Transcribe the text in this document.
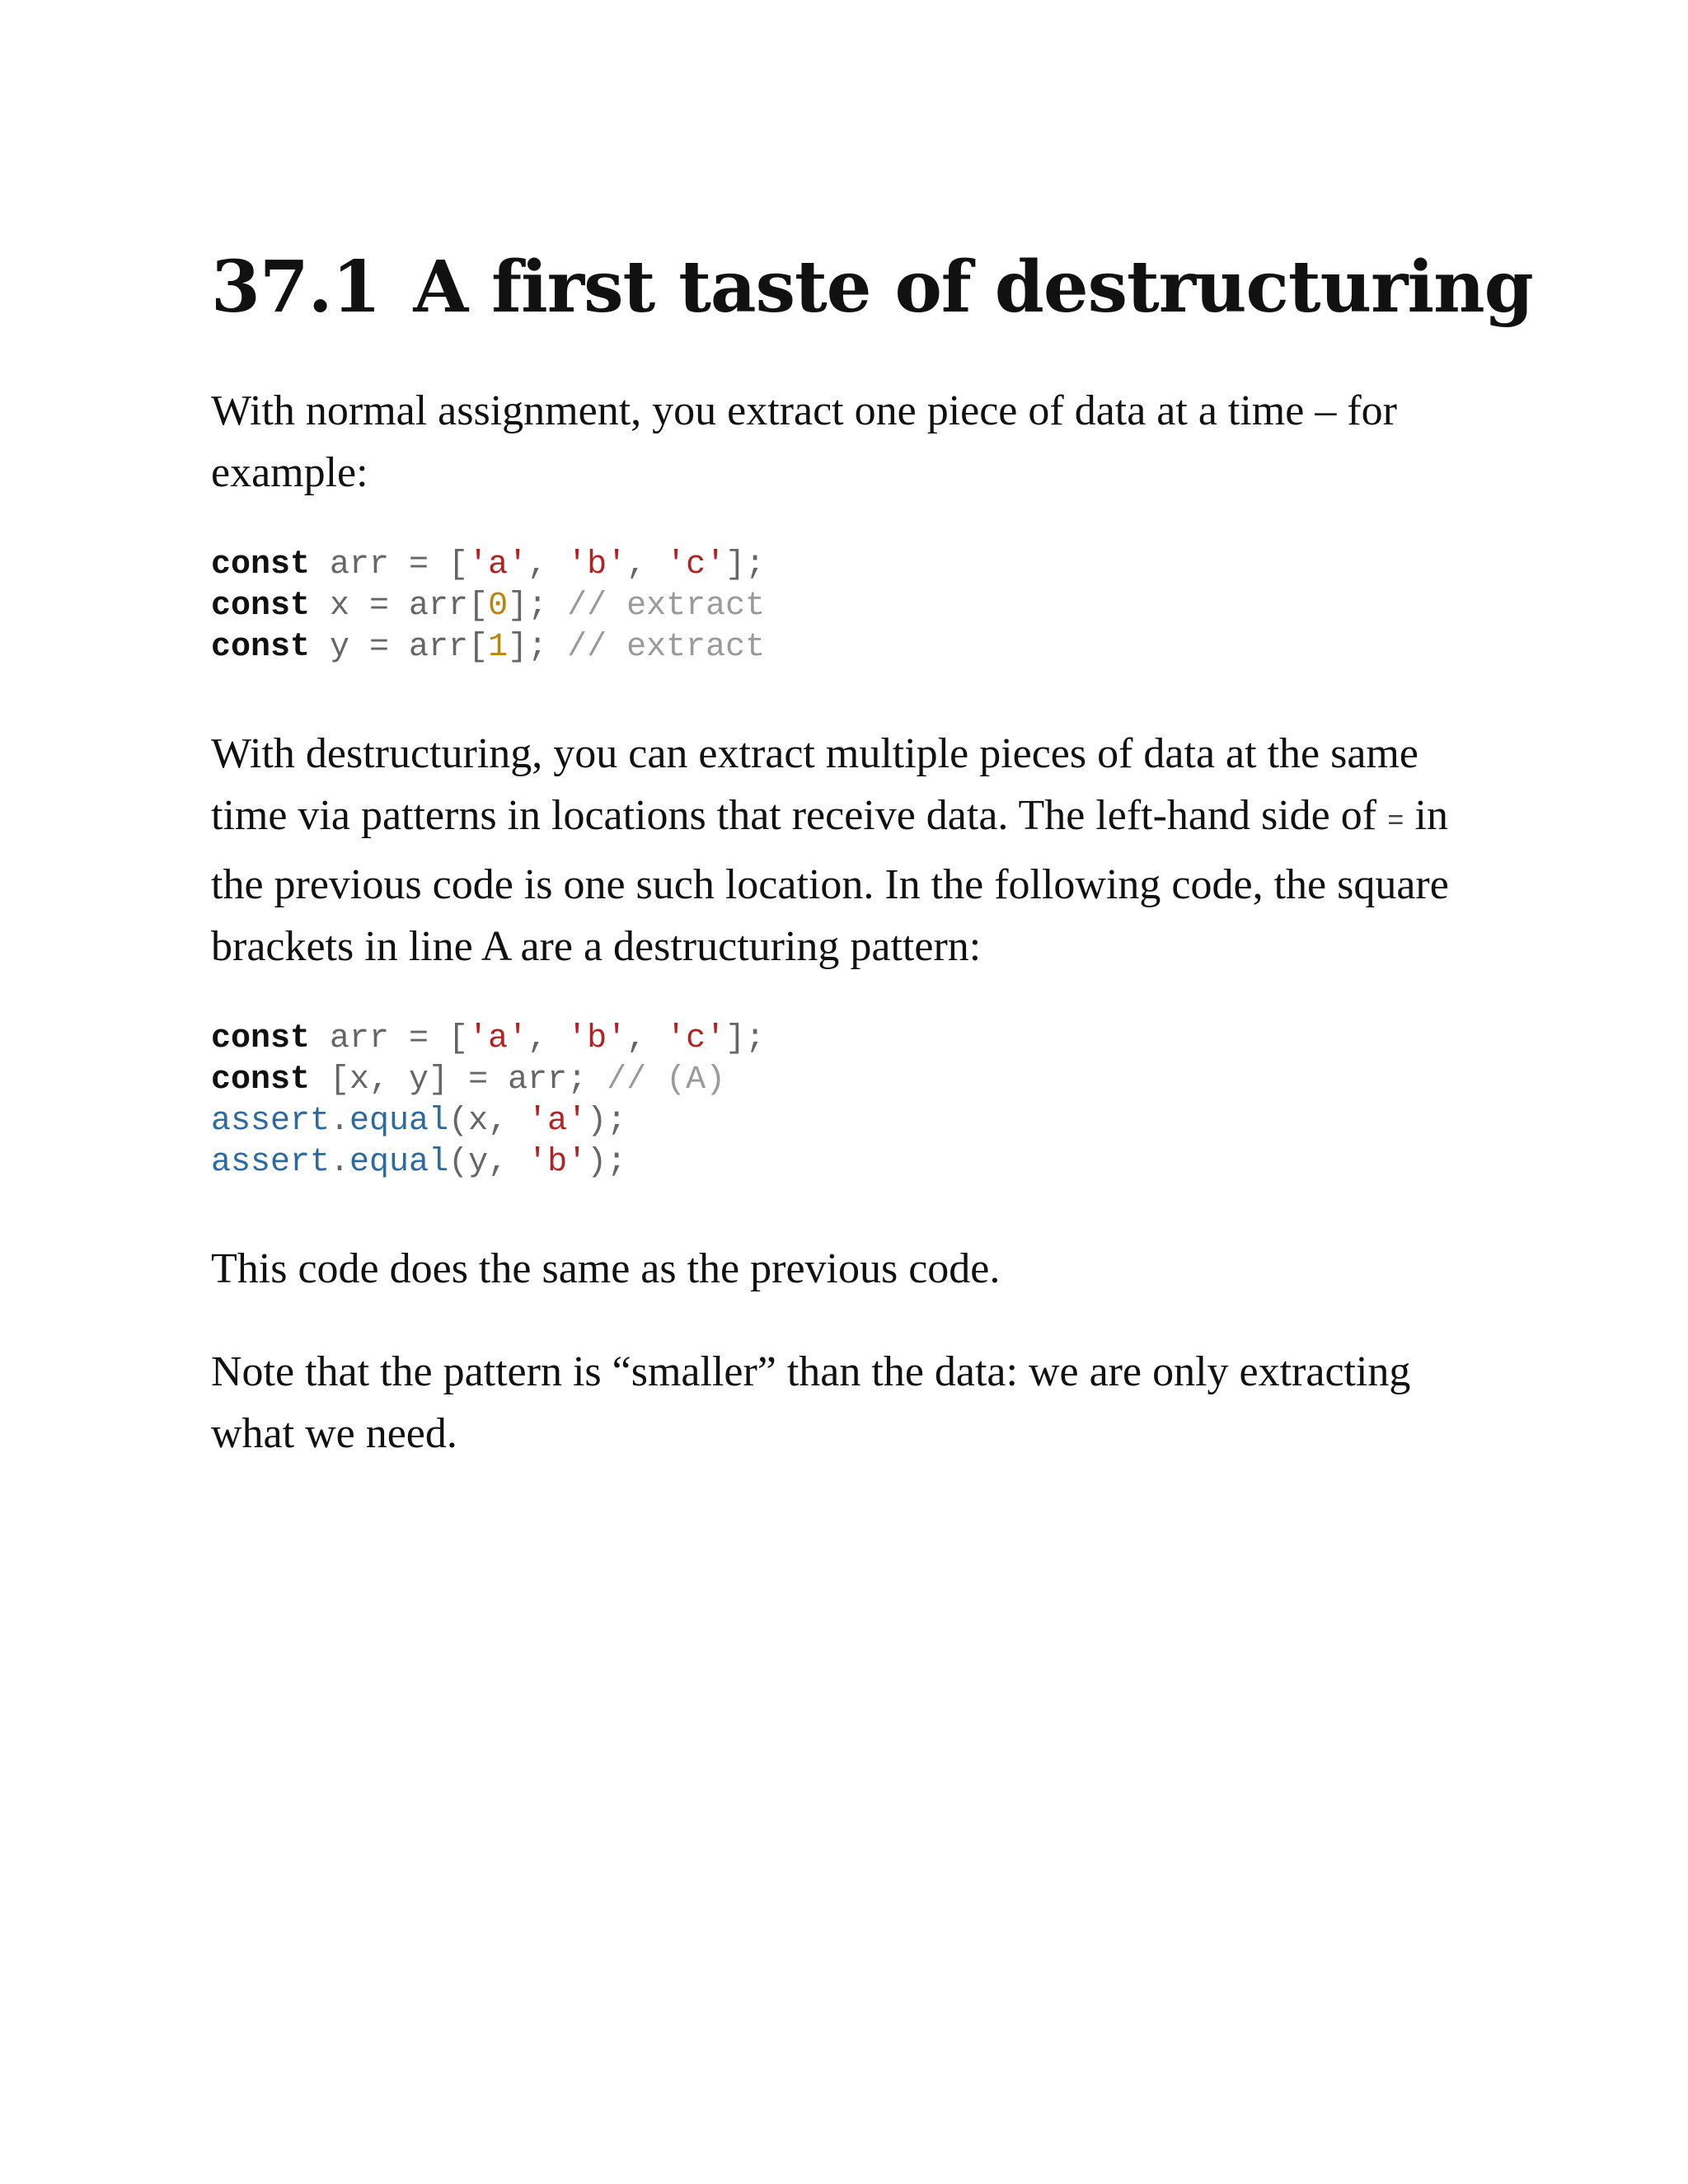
37.1 A first taste of destructuring

With normal assignment, you extract one piece of data at a time – for example:

const arr = ['a', 'b', 'c'];
const x = arr[0]; // extract
const y = arr[1]; // extract

With destructuring, you can extract multiple pieces of data at the same time via patterns in locations that receive data. The left-hand side of = in the previous code is one such location. In the following code, the square brackets in line A are a destructuring pattern:

const arr = ['a', 'b', 'c'];
const [x, y] = arr; // (A)
assert.equal(x, 'a');
assert.equal(y, 'b');

This code does the same as the previous code.

Note that the pattern is “smaller” than the data: we are only extracting what we need.
